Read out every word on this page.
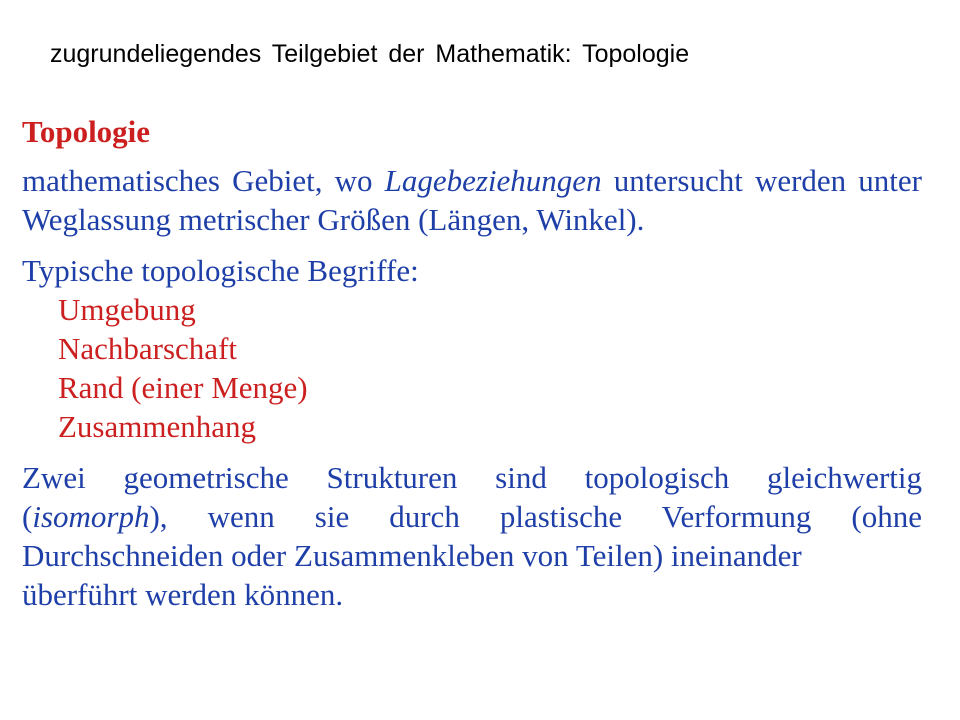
zugrundeliegendes Teilgebiet der Mathematik: Topologie
Topologie
mathematisches Gebiet, wo Lagebeziehungen untersucht werden unter Weglassung metrischer Größen (Längen, Winkel).
Typische topologische Begriffe:
Umgebung
Nachbarschaft
Rand (einer Menge)
Zusammenhang
Zwei geometrische Strukturen sind topologisch gleichwertig (isomorph), wenn sie durch plastische Verformung (ohne Durchschneiden oder Zusammenkleben von Teilen) ineinander
überführt werden können.
